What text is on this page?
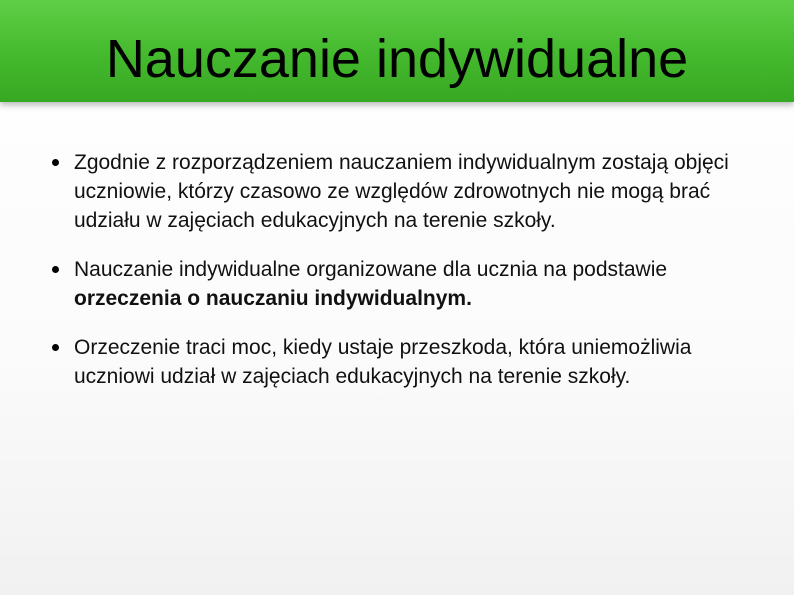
Nauczanie indywidualne
Zgodnie z rozporządzeniem nauczaniem indywidualnym zostają objęci uczniowie, którzy czasowo ze względów zdrowotnych nie mogą brać udziału w zajęciach edukacyjnych na terenie szkoły.
Nauczanie indywidualne organizowane dla ucznia na podstawie orzeczenia o nauczaniu indywidualnym.
Orzeczenie traci moc, kiedy ustaje przeszkoda, która uniemożliwia uczniowi udział w zajęciach edukacyjnych na terenie szkoły.
